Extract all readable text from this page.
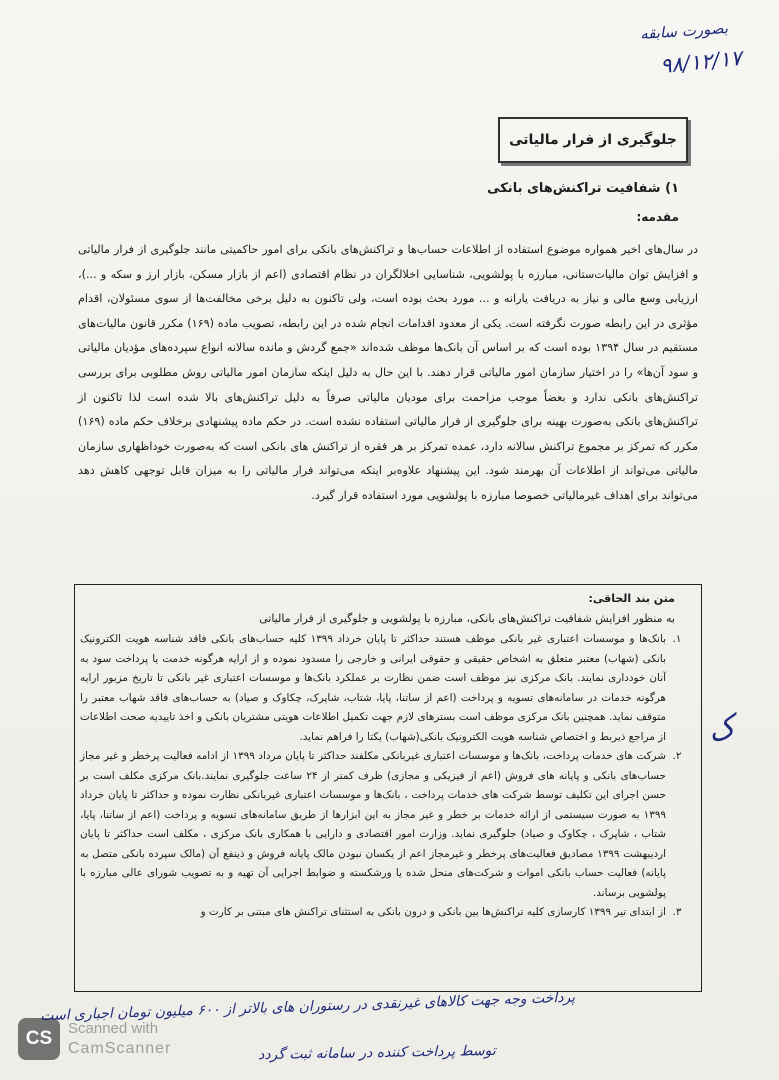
بصورت سابقه
۹۸/۱۲/۱۷
جلوگیری از فرار مالیاتی
۱) شفافیت تراکنش‌های بانکی
مقدمه:
در سال‌های اخیر همواره موضوع استفاده از اطلاعات حساب‌ها و تراکنش‌های بانکی برای امور حاکمیتی مانند جلوگیری از فرار مالیاتی و افزایش توان مالیات‌ستانی، مبارزه با پولشویی، شناسایی اخلالگران در نظام اقتصادی (اعم از بازار مسکن، بازار ارز و سکه و ...)، ارزیابی وسع مالی و نیاز به دریافت یارانه و ... مورد بحث بوده است، ولی تاکنون به دلیل برخی مخالفت‌ها از سوی مسئولان، اقدام مؤثری در این رابطه صورت نگرفته است. یکی از معدود اقدامات انجام شده در این رابطه، تصویب ماده (۱۶۹) مکرر قانون مالیات‌های مستقیم در سال ۱۳۹۴ بوده است که بر اساس آن بانک‌ها موظف شده‌اند «جمع گردش و مانده سالانه انواع سپرده‌های مؤدیان مالیاتی و سود آن‌ها» را در اختیار سازمان امور مالیاتی قرار دهند. با این حال به دلیل اینکه سازمان امور مالیاتی روش مطلوبی برای بررسی تراکنش‌های بانکی ندارد و بعضاً موجب مزاحمت برای مودیان مالیاتی صرفاً به دلیل تراکنش‌های بالا شده است لذا تاکنون از تراکنش‌های بانکی به‌صورت بهینه برای جلوگیری از فرار مالیاتی استفاده نشده است. در حکم ماده پیشنهادی برخلاف حکم ماده (۱۶۹) مکرر که تمرکز بر مجموع تراکنش سالانه دارد، عمده تمرکز بر هر فقره از تراکنش های بانکی است که به‌صورت خوداظهاری سازمان مالیاتی می‌تواند از اطلاعات آن بهرمند شود. این پیشنهاد علاوه‌بر اینکه می‌تواند فرار مالیاتی را به میزان قابل توجهی کاهش دهد می‌تواند برای اهداف غیرمالیاتی خصوصا مبارزه با پولشویی مورد استفاده قرار گیرد.
متن بند الحاقی:
به منظور افزایش شفافیت تراکنش‌های بانکی، مبارزه با پولشویی و جلوگیری از فرار مالیاتی
۱.
بانک‌ها و موسسات اعتباری غیر بانکی موظف هستند حداکثر تا پایان خرداد ۱۳۹۹ کلیه حساب‌های بانکی فاقد شناسه هویت الکترونیک بانکی (شهاب) معتبر متعلق به اشخاص حقیقی و حقوقی ایرانی و خارجی را مسدود نموده و از ارایه هرگونه خدمت یا پرداخت سود به آنان خودداری نمایند. بانک مرکزی نیز موظف است ضمن نظارت بر عملکرد بانک‌ها و موسسات اعتباری غیر بانکی تا تاریخ مزبور ارایه هرگونه خدمات در سامانه‌های تسویه و پرداخت (اعم از ساتنا، پایا، شتاب، شاپرک، چکاوک و صیاد) به حساب‌های فاقد شهاب معتبر را متوقف نماید. همچنین بانک مرکزی موظف است بسترهای لازم جهت تکمیل اطلاعات هویتی مشتریان بانکی و اخذ تاییدیه صحت اطلاعات از مراجع ذیربط و اختصاص شناسه هویت الکترونیک بانکی(شهاب) یکتا را فراهم نماید.
۲.
شرکت های خدمات پرداخت، بانک‌ها و موسسات اعتباری غیربانکی مکلفند حداکثر تا پایان مرداد ۱۳۹۹ از ادامه فعالیت پرخطر و غیر مجاز حساب‌های بانکی و پایانه های فروش (اعم از فیزیکی و مجازی) ظرف کمتر از ۲۴ ساعت جلوگیری نمایند.بانک مرکزی مکلف است بر حسن اجرای این تکلیف توسط شرکت های خدمات پرداخت ، بانک‌ها و موسسات اعتباری غیربانکی نظارت نموده و حداکثر تا پایان خرداد ۱۳۹۹ به صورت سیستمی از ارائه خدمات بر خطر و غیر مجاز به این ابزارها از طریق سامانه‌های تسویه و پرداخت (اعم از ساتنا، پایا، شتاب ، شاپرک ، چکاوک و صیاد) جلوگیری نماید. وزارت امور اقتصادی و دارایی با همکاری بانک مرکزی ، مکلف است حداکثر تا پایان اردیبهشت ۱۳۹۹ مصادیق فعالیت‌های پرخطر و غیرمجاز اعم از یکسان نبودن مالک پایانه فروش و ذینفع آن (مالک سپرده بانکی متصل به پایانه) فعالیت حساب بانکی اموات و شرکت‌های منحل شده یا ورشکسته و ضوابط اجرایی آن تهیه و به تصویب شورای عالی مبارزه با پولشویی برساند.
۳.
از ابتدای تیر ۱۳۹۹ کارسازی کلیه تراکنش‌ها بین بانکی و درون بانکی به استثنای تراکنش های مبتنی بر کارت و
ک
CS	Scanned with
CamScanner
پرداخت وجه جهت کالاهای غیرنقدی در رستوران های بالاتر از ۶۰۰ میلیون تومان اجباری است
توسط پرداخت کننده در سامانه ثبت گردد
